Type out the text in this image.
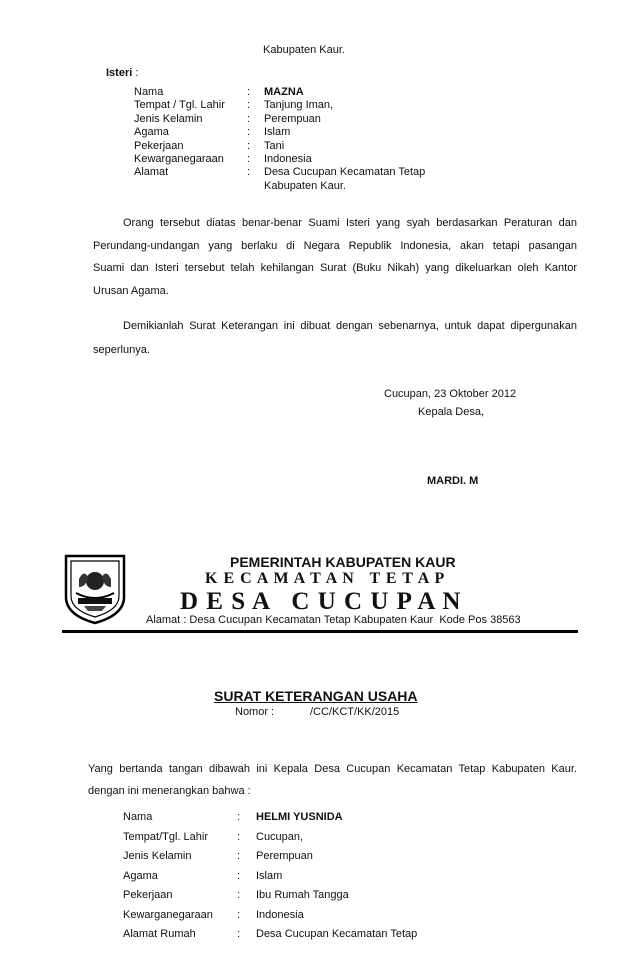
Kabupaten Kaur.
Isteri :
Nama	: MAZNA
Tempat / Tgl. Lahir : Tanjung Iman,
Jenis Kelamin	: Perempuan
Agama	: Islam
Pekerjaan	: Tani
Kewarganegaraan : Indonesia
Alamat	: Desa Cucupan Kecamatan Tetap
Kabupaten Kaur.
Orang tersebut diatas benar-benar Suami Isteri yang syah berdasarkan Peraturan dan
Perundang-undangan yang berlaku di Negara Republik Indonesia, akan tetapi pasangan
Suami dan Isteri tersebut telah kehilangan Surat (Buku Nikah) yang dikeluarkan oleh Kantor
Urusan Agama.
Demikianlah Surat Keterangan ini dibuat dengan sebenarnya, untuk dapat dipergunakan
seperlunya.
Cucupan, 23 Oktober 2012
Kepala Desa,
MARDI. M
PEMERINTAH KABUPATEN KAUR
K E C A M A T A N   T E T A P
D E S A   C U C U P A N
Alamat : Desa Cucupan Kecamatan Tetap Kabupaten Kaur  Kode Pos 38563
SURAT KETERANGAN USAHA
Nomor :	/CC/KCT/KK/2015
Yang bertanda tangan dibawah ini Kepala Desa Cucupan Kecamatan Tetap Kabupaten Kaur.
dengan ini menerangkan bahwa :
Nama	: HELMI YUSNIDA
Tempat/Tgl. Lahir	: Cucupan,
Jenis Kelamin	: Perempuan
Agama	: Islam
Pekerjaan	: Ibu Rumah Tangga
Kewarganegaraan : Indonesia
Alamat Rumah	: Desa Cucupan Kecamatan Tetap
